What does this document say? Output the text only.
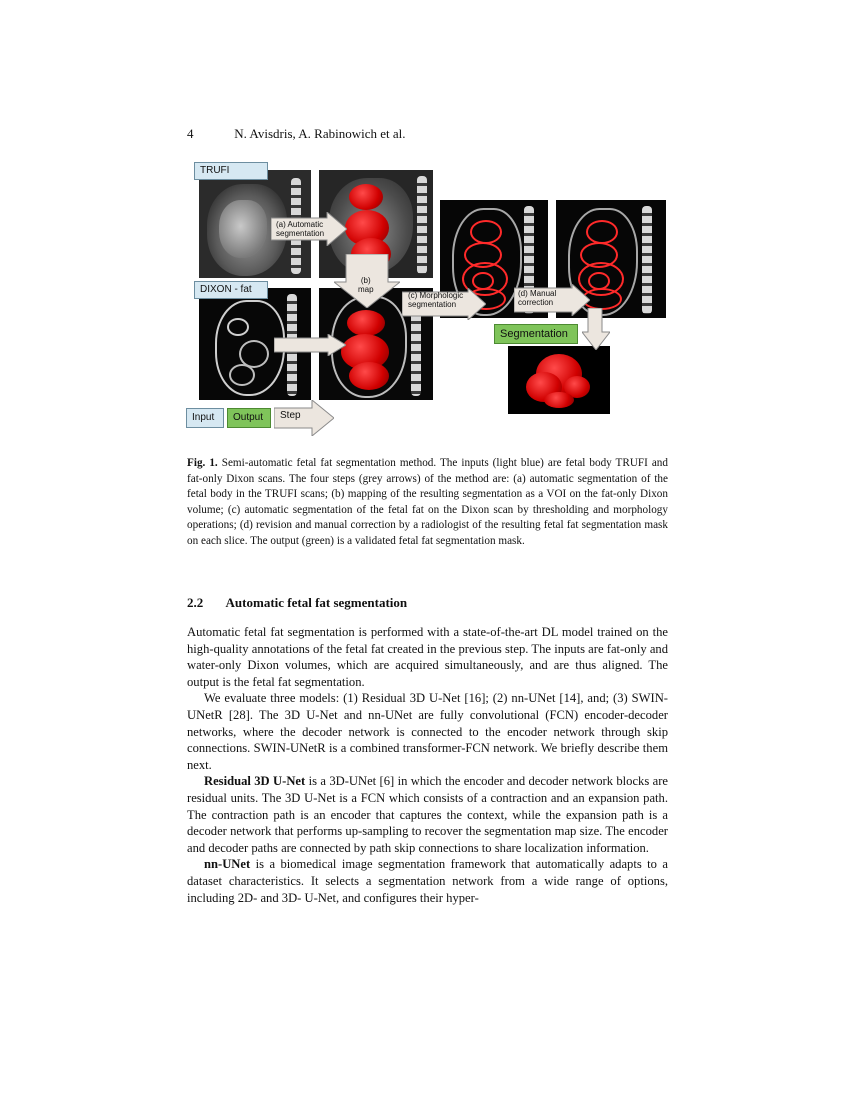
4	N. Avisdris, A. Rabinowich et al.
TRUFI
DIXON - fat
Segmentation
(a) Automatic
segmentation
(b)
map
(c) Morphologic
segmentation
(d) Manual
correction
Input	Output	Step
Fig. 1. Semi-automatic fetal fat segmentation method. The inputs (light blue) are fetal body TRUFI and fat-only Dixon scans. The four steps (grey arrows) of the method are: (a) automatic segmentation of the fetal body in the TRUFI scans; (b) mapping of the resulting segmentation as a VOI on the fat-only Dixon volume; (c) automatic segmentation of the fetal fat on the Dixon scan by thresholding and morphology operations; (d) revision and manual correction by a radiologist of the resulting fetal fat segmentation mask on each slice. The output (green) is a validated fetal fat segmentation mask.
2.2 Automatic fetal fat segmentation

Automatic fetal fat segmentation is performed with a state-of-the-art DL model trained on the high-quality annotations of the fetal fat created in the previous step. The inputs are fat-only and water-only Dixon volumes, which are acquired simultaneously, and are thus aligned. The output is the fetal fat segmentation.

We evaluate three models: (1) Residual 3D U-Net [16]; (2) nn-UNet [14], and; (3) SWIN-UNetR [28]. The 3D U-Net and nn-UNet are fully convolutional (FCN) encoder-decoder networks, where the decoder network is connected to the encoder network through skip connections. SWIN-UNetR is a combined transformer-FCN network. We briefly describe them next.

Residual 3D U-Net is a 3D-UNet [6] in which the encoder and decoder network blocks are residual units. The 3D U-Net is a FCN which consists of a contraction and an expansion path. The contraction path is an encoder that captures the context, while the expansion path is a decoder network that performs up-sampling to recover the segmentation map size. The encoder and decoder paths are connected by path skip connections to share localization information.

nn-UNet is a biomedical image segmentation framework that automatically adapts to a dataset characteristics. It selects a segmentation network from a wide range of options, including 2D- and 3D- U-Net, and configures their hyper-
